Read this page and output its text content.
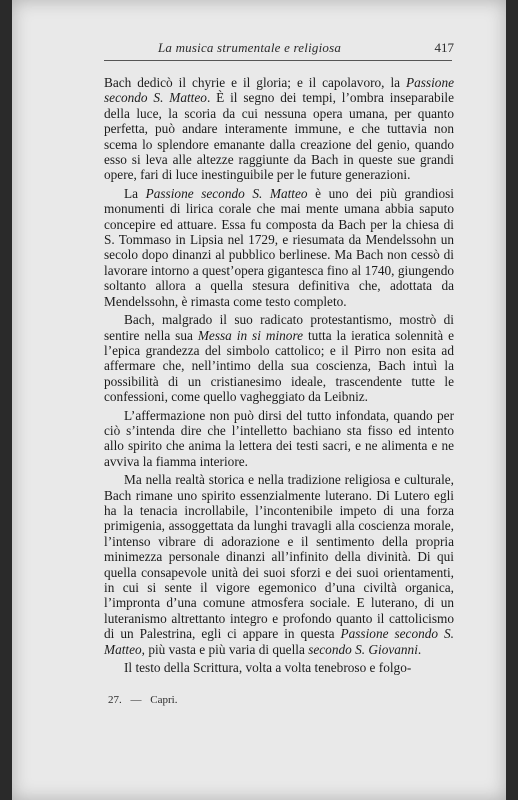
La musica strumentale e religiosa	417

Bach dedicò il chyrie e il gloria; e il capolavoro, la Passione secondo S. Matteo. È il segno dei tempi, l’ombra inseparabile della luce, la scoria da cui nessuna opera umana, per quanto perfetta, può andare interamente immune, e che tuttavia non scema lo splendore emanante dalla creazione del genio, quando esso si leva alle altezze raggiunte da Bach in queste sue grandi opere, fari di luce inestinguibile per le future generazioni.

La Passione secondo S. Matteo è uno dei più grandiosi monumenti di lirica corale che mai mente umana abbia saputo concepire ed attuare. Essa fu composta da Bach per la chiesa di S. Tommaso in Lipsia nel 1729, e riesumata da Mendelssohn un secolo dopo dinanzi al pubblico berlinese. Ma Bach non cessò di lavorare intorno a quest’opera gigantesca fino al 1740, giungendo soltanto allora a quella stesura definitiva che, adottata da Mendelssohn, è rimasta come testo completo.

Bach, malgrado il suo radicato protestantismo, mostrò di sentire nella sua Messa in si minore tutta la ieratica solennità e l’epica grandezza del simbolo cattolico; e il Pirro non esita ad affermare che, nell’intimo della sua coscienza, Bach intuì la possibilità di un cristianesimo ideale, trascendente tutte le confessioni, come quello vagheggiato da Leibniz.

L’affermazione non può dirsi del tutto infondata, quando per ciò s’intenda dire che l’intelletto bachiano sta fisso ed intento allo spirito che anima la lettera dei testi sacri, e ne alimenta e ne avviva la fiamma interiore.

Ma nella realtà storica e nella tradizione religiosa e culturale, Bach rimane uno spirito essenzialmente luterano. Di Lutero egli ha la tenacia incrollabile, l’incontenibile impeto di una forza primigenia, assoggettata da lunghi travagli alla coscienza morale, l’intenso vibrare di adorazione e il sentimento della propria minimezza personale dinanzi all’infinito della divinità. Di qui quella consapevole unità dei suoi sforzi e dei suoi orientamenti, in cui si sente il vigore egemonico d’una civiltà organica, l’impronta d’una comune atmosfera sociale. E luterano, di un luteranismo altrettanto integro e profondo quanto il cattolicismo di un Palestrina, egli ci appare in questa Passione secondo S. Matteo, più vasta e più varia di quella secondo S. Giovanni.

Il testo della Scrittura, volta a volta tenebroso e folgo-

27. — Capri.
